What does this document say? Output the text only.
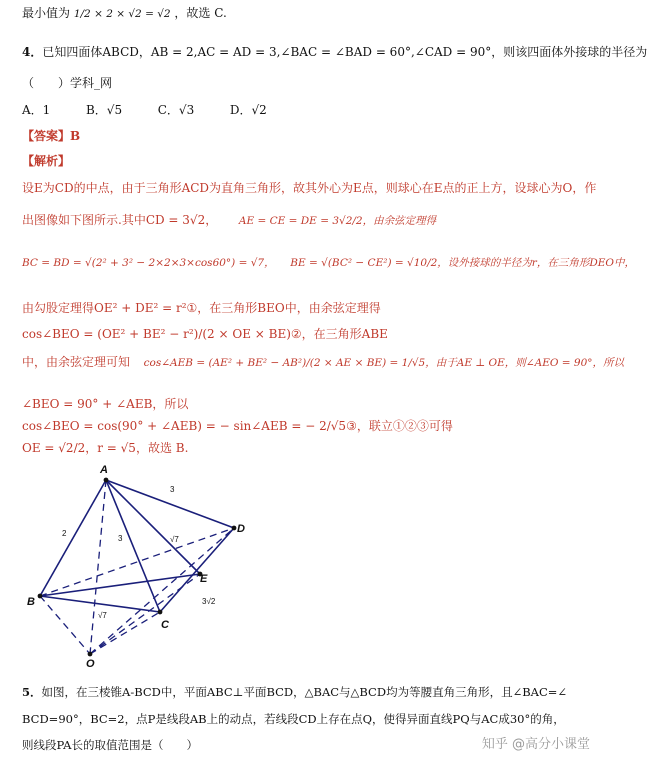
最小值为 1/2 × 2 × √2 = √2 ，故选 C.
4．已知四面体ABCD，AB = 2,AC = AD = 3,∠BAC = ∠BAD = 60°,∠CAD = 90°，则该四面体外接球的半径为
（　　）学科_网
A．1	B．√5	C．√3	D．√2
【答案】B
【解析】
设E为CD的中点，由于三角形ACD为直角三角形，故其外心为E点，则球心在E点的正上方，设球心为O，作
出图像如下图所示.其中CD = 3√2， AE = CE = DE = 3√2/2，由余弦定理得
BC = BD = √(2² + 3² − 2×2×3×cos60°) = √7， BE = √(BC² − CE²) = √10/2，设外接球的半径为r，在三角形DEO中，
由勾股定理得OE² + DE² = r²①，在三角形BEO中，由余弦定理得
cos∠BEO = (OE² + BE² − r²)/(2 × OE × BE)②，在三角形ABE
中，由余弦定理可知 cos∠AEB = (AE² + BE² − AB²)/(2 × AE × BE) = 1/√5，由于AE ⊥ OE，则∠AEO = 90°，所以
∠BEO = 90° + ∠AEB，所以
cos∠BEO = cos(90° + ∠AEB) = − sin∠AEB = − 2/√5③，联立①②③可得
OE = √2/2，r = √5，故选 B.
A
B
C
D
E
O
2
3
3
√7
√7
3√2
5．如图，在三棱锥A-BCD中，平面ABC⊥平面BCD，△BAC与△BCD均为等腰直角三角形，且∠BAC=∠
BCD=90°，BC=2，点P是线段AB上的动点，若线段CD上存在点Q，使得异面直线PQ与AC成30°的角，
则线段PA长的取值范围是（　　）	知乎 @高分小课堂
